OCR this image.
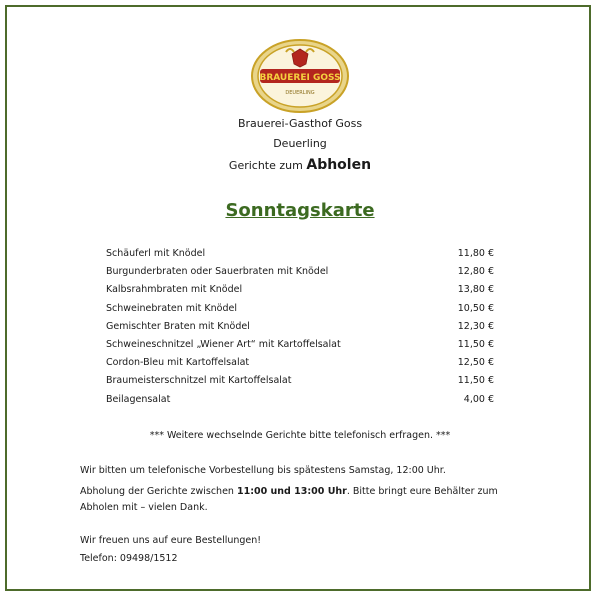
BRAUEREI GOSS
DEUERLING
Brauerei-Gasthof Goss
Deuerling
Gerichte zum Abholen
Sonntagskarte
Schäuferl mit Knödel	11,80 €
Burgunderbraten oder Sauerbraten mit Knödel	12,80 €
Kalbsrahmbraten mit Knödel	13,80 €
Schweinebraten mit Knödel	10,50 €
Gemischter Braten mit Knödel	12,30 €
Schweineschnitzel „Wiener Art“ mit Kartoffelsalat	11,50 €
Cordon-Bleu mit Kartoffelsalat	12,50 €
Braumeisterschnitzel mit Kartoffelsalat	11,50 €
Beilagensalat	4,00 €
*** Weitere wechselnde Gerichte bitte telefonisch erfragen. ***
Wir bitten um telefonische Vorbestellung bis spätestens Samstag, 12:00 Uhr.
Abholung der Gerichte zwischen 11:00 und 13:00 Uhr. Bitte bringt eure Behälter zum Abholen mit – vielen Dank.
Wir freuen uns auf eure Bestellungen!
Telefon: 09498/1512
